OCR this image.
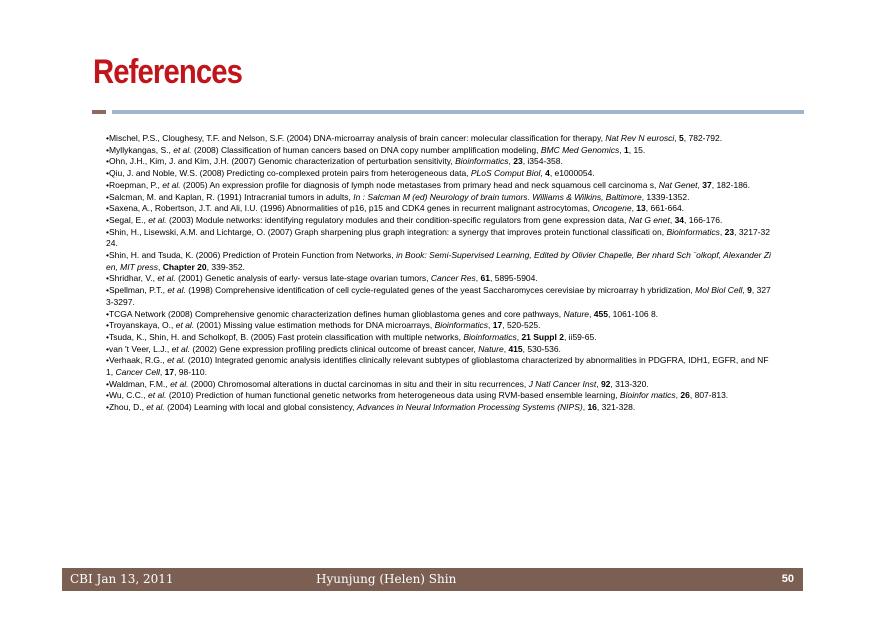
References

•Mischel, P.S., Cloughesy, T.F. and Nelson, S.F. (2004) DNA-microarray analysis of brain cancer: molecular classification for therapy, Nat Rev N eurosci, 5, 782-792.

•Myllykangas, S., et al. (2008) Classification of human cancers based on DNA copy number amplification modeling, BMC Med Genomics, 1, 15.

•Ohn, J.H., Kim, J. and Kim, J.H. (2007) Genomic characterization of perturbation sensitivity, Bioinformatics, 23, i354-358.

•Qiu, J. and Noble, W.S. (2008) Predicting co-complexed protein pairs from heterogeneous data, PLoS Comput Biol, 4, e1000054.

•Roepman, P., et al. (2005) An expression profile for diagnosis of lymph node metastases from primary head and neck squamous cell carcinoma s, Nat Genet, 37, 182-186.

•Salcman, M. and Kaplan, R. (1991) Intracranial tumors in adults, In : Salcman M (ed) Neurology of brain tumors. Williams & Wilkins, Baltimore, 1339-1352.

•Saxena, A., Robertson, J.T. and Ali, I.U. (1996) Abnormalities of p16, p15 and CDK4 genes in recurrent malignant astrocytomas, Oncogene, 13, 661-664.

•Segal, E., et al. (2003) Module networks: identifying regulatory modules and their condition-specific regulators from gene expression data, Nat G enet, 34, 166-176.

•Shin, H., Lisewski, A.M. and Lichtarge, O. (2007) Graph sharpening plus graph integration: a synergy that improves protein functional classificati on, Bioinformatics, 23, 3217-3224.

•Shin, H. and Tsuda, K. (2006) Prediction of Protein Function from Networks, in Book: Semi-Supervised Learning, Edited by Olivier Chapelle, Ber nhard Sch ¨olkopf, Alexander Zien, MIT press, Chapter 20, 339-352.

•Shridhar, V., et al. (2001) Genetic analysis of early- versus late-stage ovarian tumors, Cancer Res, 61, 5895-5904.

•Spellman, P.T., et al. (1998) Comprehensive identification of cell cycle-regulated genes of the yeast Saccharomyces cerevisiae by microarray h ybridization, Mol Biol Cell, 9, 3273-3297.

•TCGA Network (2008) Comprehensive genomic characterization defines human glioblastoma genes and core pathways, Nature, 455, 1061-106 8.

•Troyanskaya, O., et al. (2001) Missing value estimation methods for DNA microarrays, Bioinformatics, 17, 520-525.

•Tsuda, K., Shin, H. and Scholkopf, B. (2005) Fast protein classification with multiple networks, Bioinformatics, 21 Suppl 2, ii59-65.

•van 't Veer, L.J., et al. (2002) Gene expression profiling predicts clinical outcome of breast cancer, Nature, 415, 530-536.

•Verhaak, R.G., et al. (2010) Integrated genomic analysis identifies clinically relevant subtypes of glioblastoma characterized by abnormalities in PDGFRA, IDH1, EGFR, and NF1, Cancer Cell, 17, 98-110.

•Waldman, F.M., et al. (2000) Chromosomal alterations in ductal carcinomas in situ and their in situ recurrences, J Natl Cancer Inst, 92, 313-320.

•Wu, C.C., et al. (2010) Prediction of human functional genetic networks from heterogeneous data using RVM-based ensemble learning, Bioinfor matics, 26, 807-813.

•Zhou, D., et al. (2004) Learning with local and global consistency, Advances in Neural Information Processing Systems (NIPS), 16, 321-328.

CBI Jan 13, 2011	Hyunjung (Helen) Shin	50
